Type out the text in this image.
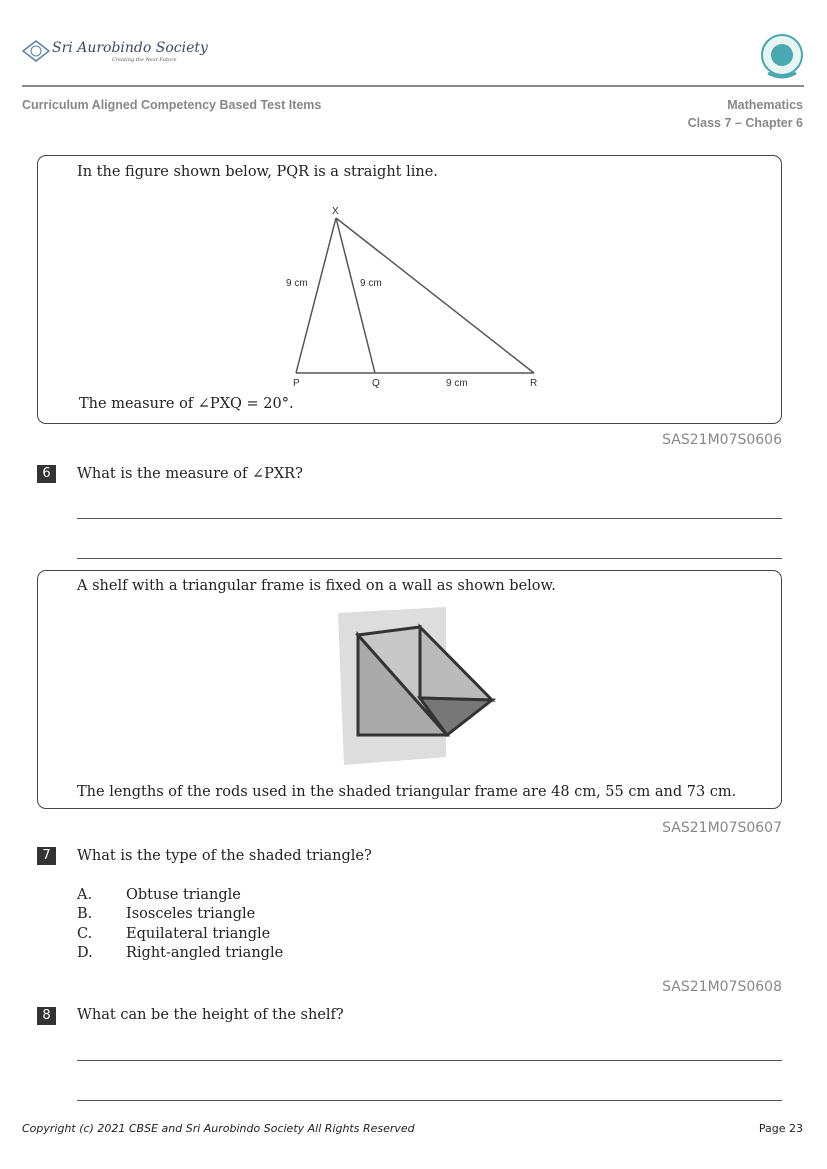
Sri Aurobindo Society
Creating the Next Future
Curriculum Aligned Competency Based Test Items	Mathematics
Class 7 – Chapter 6
In the figure shown below, PQR is a straight line.
X
P	Q	R
9 cm	9 cm
9 cm
The measure of ∠PXQ = 20°.
SAS21M07S0606
6	What is the measure of ∠PXR?
A shelf with a triangular frame is fixed on a wall as shown below.
The lengths of the rods used in the shaded triangular frame are 48 cm, 55 cm and 73 cm.
SAS21M07S0607
7	What is the type of the shaded triangle?
A. Obtuse triangle
B. Isosceles triangle
C. Equilateral triangle
D. Right-angled triangle
SAS21M07S0608
8	What can be the height of the shelf?
Copyright (c) 2021 CBSE and Sri Aurobindo Society All Rights Reserved	Page 23
